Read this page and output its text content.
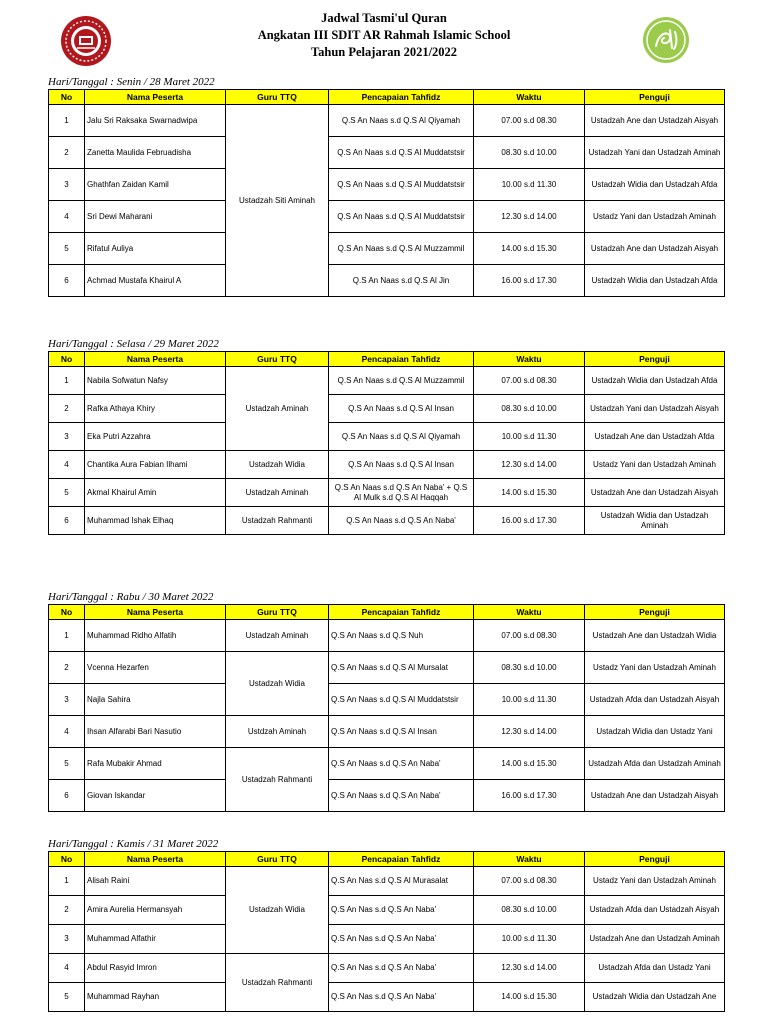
Jadwal Tasmi'ul Quran
Angkatan III SDIT AR Rahmah Islamic School
Tahun Pelajaran 2021/2022
Hari/Tanggal : Senin / 28 Maret 2022
No	Nama Peserta	Guru TTQ	Pencapaian Tahfidz	Waktu	Penguji
1	Jalu Sri Raksaka Swarnadwipa	Ustadzah Siti Aminah	Q.S An Naas s.d Q.S Al Qiyamah	07.00 s.d 08.30	Ustadzah Ane dan Ustadzah Aisyah
2	Zanetta Maulida Februadisha		Q.S An Naas s.d Q.S Al Muddatstsir	08.30 s.d 10.00	Ustadzah Yani dan Ustadzah Aminah
3	Ghathfan Zaidan Kamil		Q.S An Naas s.d Q.S Al Muddatstsir	10.00 s.d 11.30	Ustadzah Widia dan Ustadzah Afda
4	Sri Dewi Maharani		Q.S An Naas s.d Q.S Al Muddatstsir	12.30 s.d 14.00	Ustadz Yani dan Ustadzah Aminah
5	Rifatul Auliya		Q.S An Naas s.d Q.S Al Muzzammil	14.00 s.d 15.30	Ustadzah Ane dan Ustadzah Aisyah
6	Achmad Mustafa Khairul A		Q.S An Naas s.d Q.S Al Jin	16.00 s.d 17.30	Ustadzah Widia dan Ustadzah Afda
Hari/Tanggal : Selasa / 29 Maret 2022
No	Nama Peserta	Guru TTQ	Pencapaian Tahfidz	Waktu	Penguji
1	Nabila Sofwatun Nafsy	Ustadzah Aminah	Q.S An Naas s.d Q.S Al Muzzammil	07.00 s.d 08.30	Ustadzah Widia dan Ustadzah Afda
2	Rafka Athaya Khiry		Q.S An Naas s.d Q.S Al Insan	08.30 s.d 10.00	Ustadzah Yani dan Ustadzah Aisyah
3	Eka Putri Azzahra		Q.S An Naas s.d Q.S Al Qiyamah	10.00 s.d 11.30	Ustadzah Ane dan Ustadzah Afda
4	Chantika Aura Fabian Ilhami	Ustadzah Widia	Q.S An Naas s.d Q.S Al Insan	12.30 s.d 14.00	Ustadz Yani dan Ustadzah Aminah
5	Akmal Khairul Amin	Ustadzah Aminah	Q.S An Naas s.d Q.S An Naba' + Q.S Al Mulk s.d Q.S Al Haqqah	14.00 s.d 15.30	Ustadzah Ane dan Ustadzah Aisyah
6	Muhammad Ishak Elhaq	Ustadzah Rahmanti	Q.S An Naas s.d Q.S An Naba'	16.00 s.d 17.30	Ustadzah Widia dan Ustadzah Aminah
Hari/Tanggal : Rabu / 30 Maret 2022
No	Nama Peserta	Guru TTQ	Pencapaian Tahfidz	Waktu	Penguji
1	Muhammad Ridho Alfatih	Ustadzah Aminah	Q.S An Naas s.d Q.S Nuh	07.00 s.d 08.30	Ustadzah Ane dan Ustadzah Widia
2	Vcenna Hezarfen	Ustadzah Widia	Q.S An Naas s.d Q.S Al Mursalat	08.30 s.d 10.00	Ustadz Yani dan Ustadzah Aminah
3	Najla Sahira		Q.S An Naas s.d Q.S Al Muddatstsir	10.00 s.d 11.30	Ustadzah Afda dan Ustadzah Aisyah
4	Ihsan Alfarabi Bari Nasutio	Ustdzah Aminah	Q.S An Naas s.d Q.S Al Insan	12.30 s.d 14.00	Ustadzah Widia dan Ustadz Yani
5	Rafa Mubakir Ahmad	Ustadzah Rahmanti	Q.S An Naas s.d Q.S An Naba'	14.00 s.d 15.30	Ustadzah Afda dan Ustadzah Aminah
6	Giovan Iskandar		Q.S An Naas s.d Q.S An Naba'	16.00 s.d 17.30	Ustadzah Ane dan Ustadzah Aisyah
Hari/Tanggal : Kamis / 31 Maret 2022
No	Nama Peserta	Guru TTQ	Pencapaian Tahfidz	Waktu	Penguji
1	Alisah Raini	Ustadzah Widia	Q.S An Nas s.d Q.S Al Murasalat	07.00 s.d 08.30	Ustadz Yani dan Ustadzah Aminah
2	Amira Aurelia Hermansyah		Q.S An Nas s.d Q.S An Naba'	08.30 s.d 10.00	Ustadzah Afda dan Ustadzah Aisyah
3	Muhammad Alfathir		Q.S An Nas s.d Q.S An Naba'	10.00 s.d 11.30	Ustadzah Ane dan Ustadzah Aminah
4	Abdul Rasyid Imron	Ustadzah Rahmanti	Q.S An Nas s.d Q.S An Naba'	12.30 s.d 14.00	Ustadzah Afda dan Ustadz Yani
5	Muhammad Rayhan		Q.S An Nas s.d Q.S An Naba'	14.00 s.d 15.30	Ustadzah Widia dan Ustadzah Ane
